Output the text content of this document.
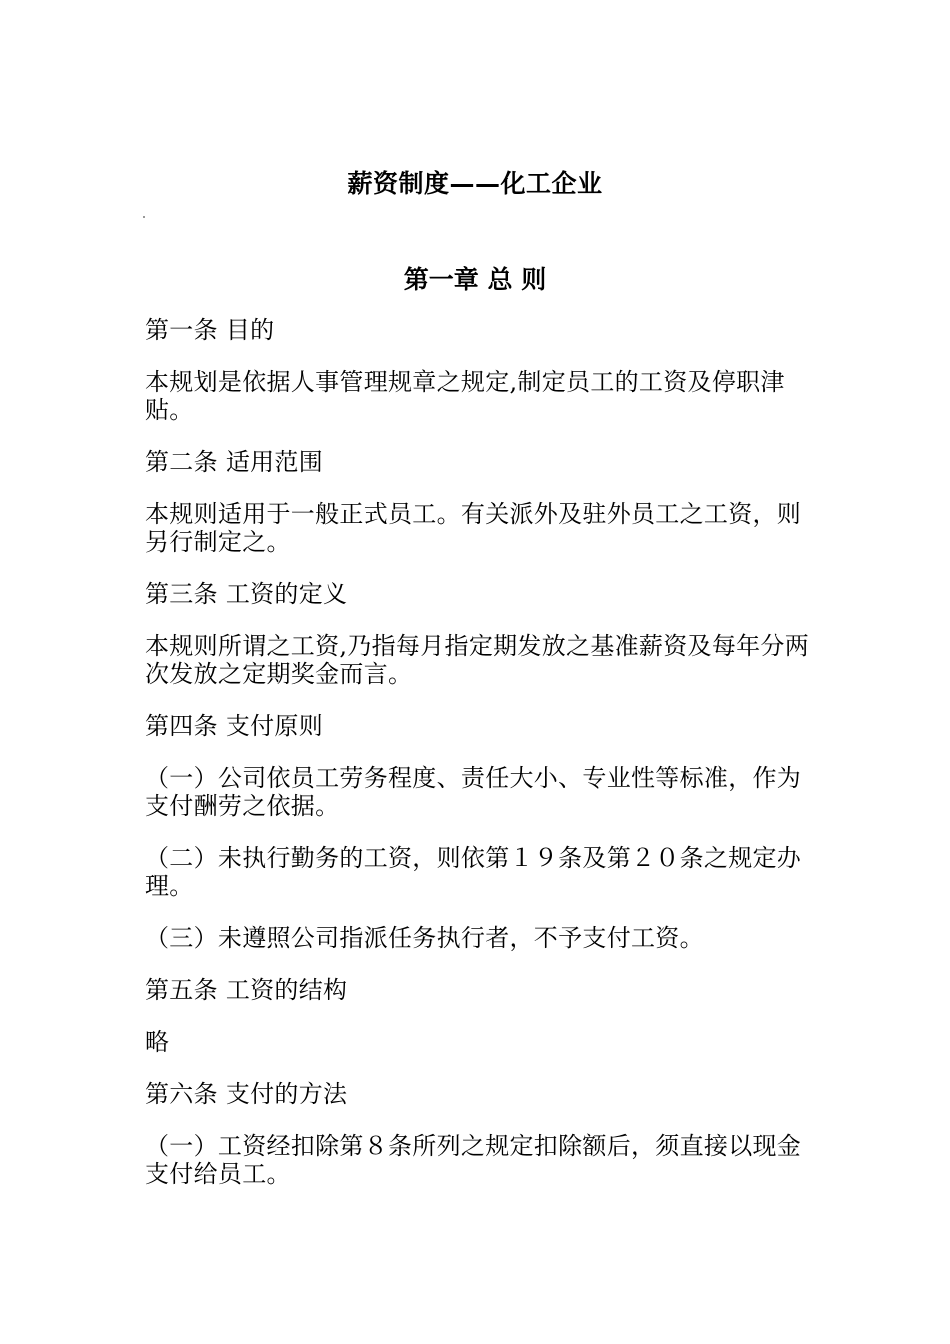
薪资制度——化工企业
第一章 总 则

第一条 目的

本规划是依据人事管理规章之规定,制定员工的工资及停职津贴。

第二条 适用范围

本规则适用于一般正式员工。有关派外及驻外员工之工资，则另行制定之。

第三条 工资的定义

本规则所谓之工资,乃指每月指定期发放之基准薪资及每年分两次发放之定期奖金而言。

第四条 支付原则

（一）公司依员工劳务程度、责任大小、专业性等标准，作为支付酬劳之依据。

（二）未执行勤务的工资，则依第１９条及第２０条之规定办理。

（三）未遵照公司指派任务执行者，不予支付工资。

第五条 工资的结构

略

第六条 支付的方法

（一）工资经扣除第８条所列之规定扣除额后，须直接以现金支付给员工。
